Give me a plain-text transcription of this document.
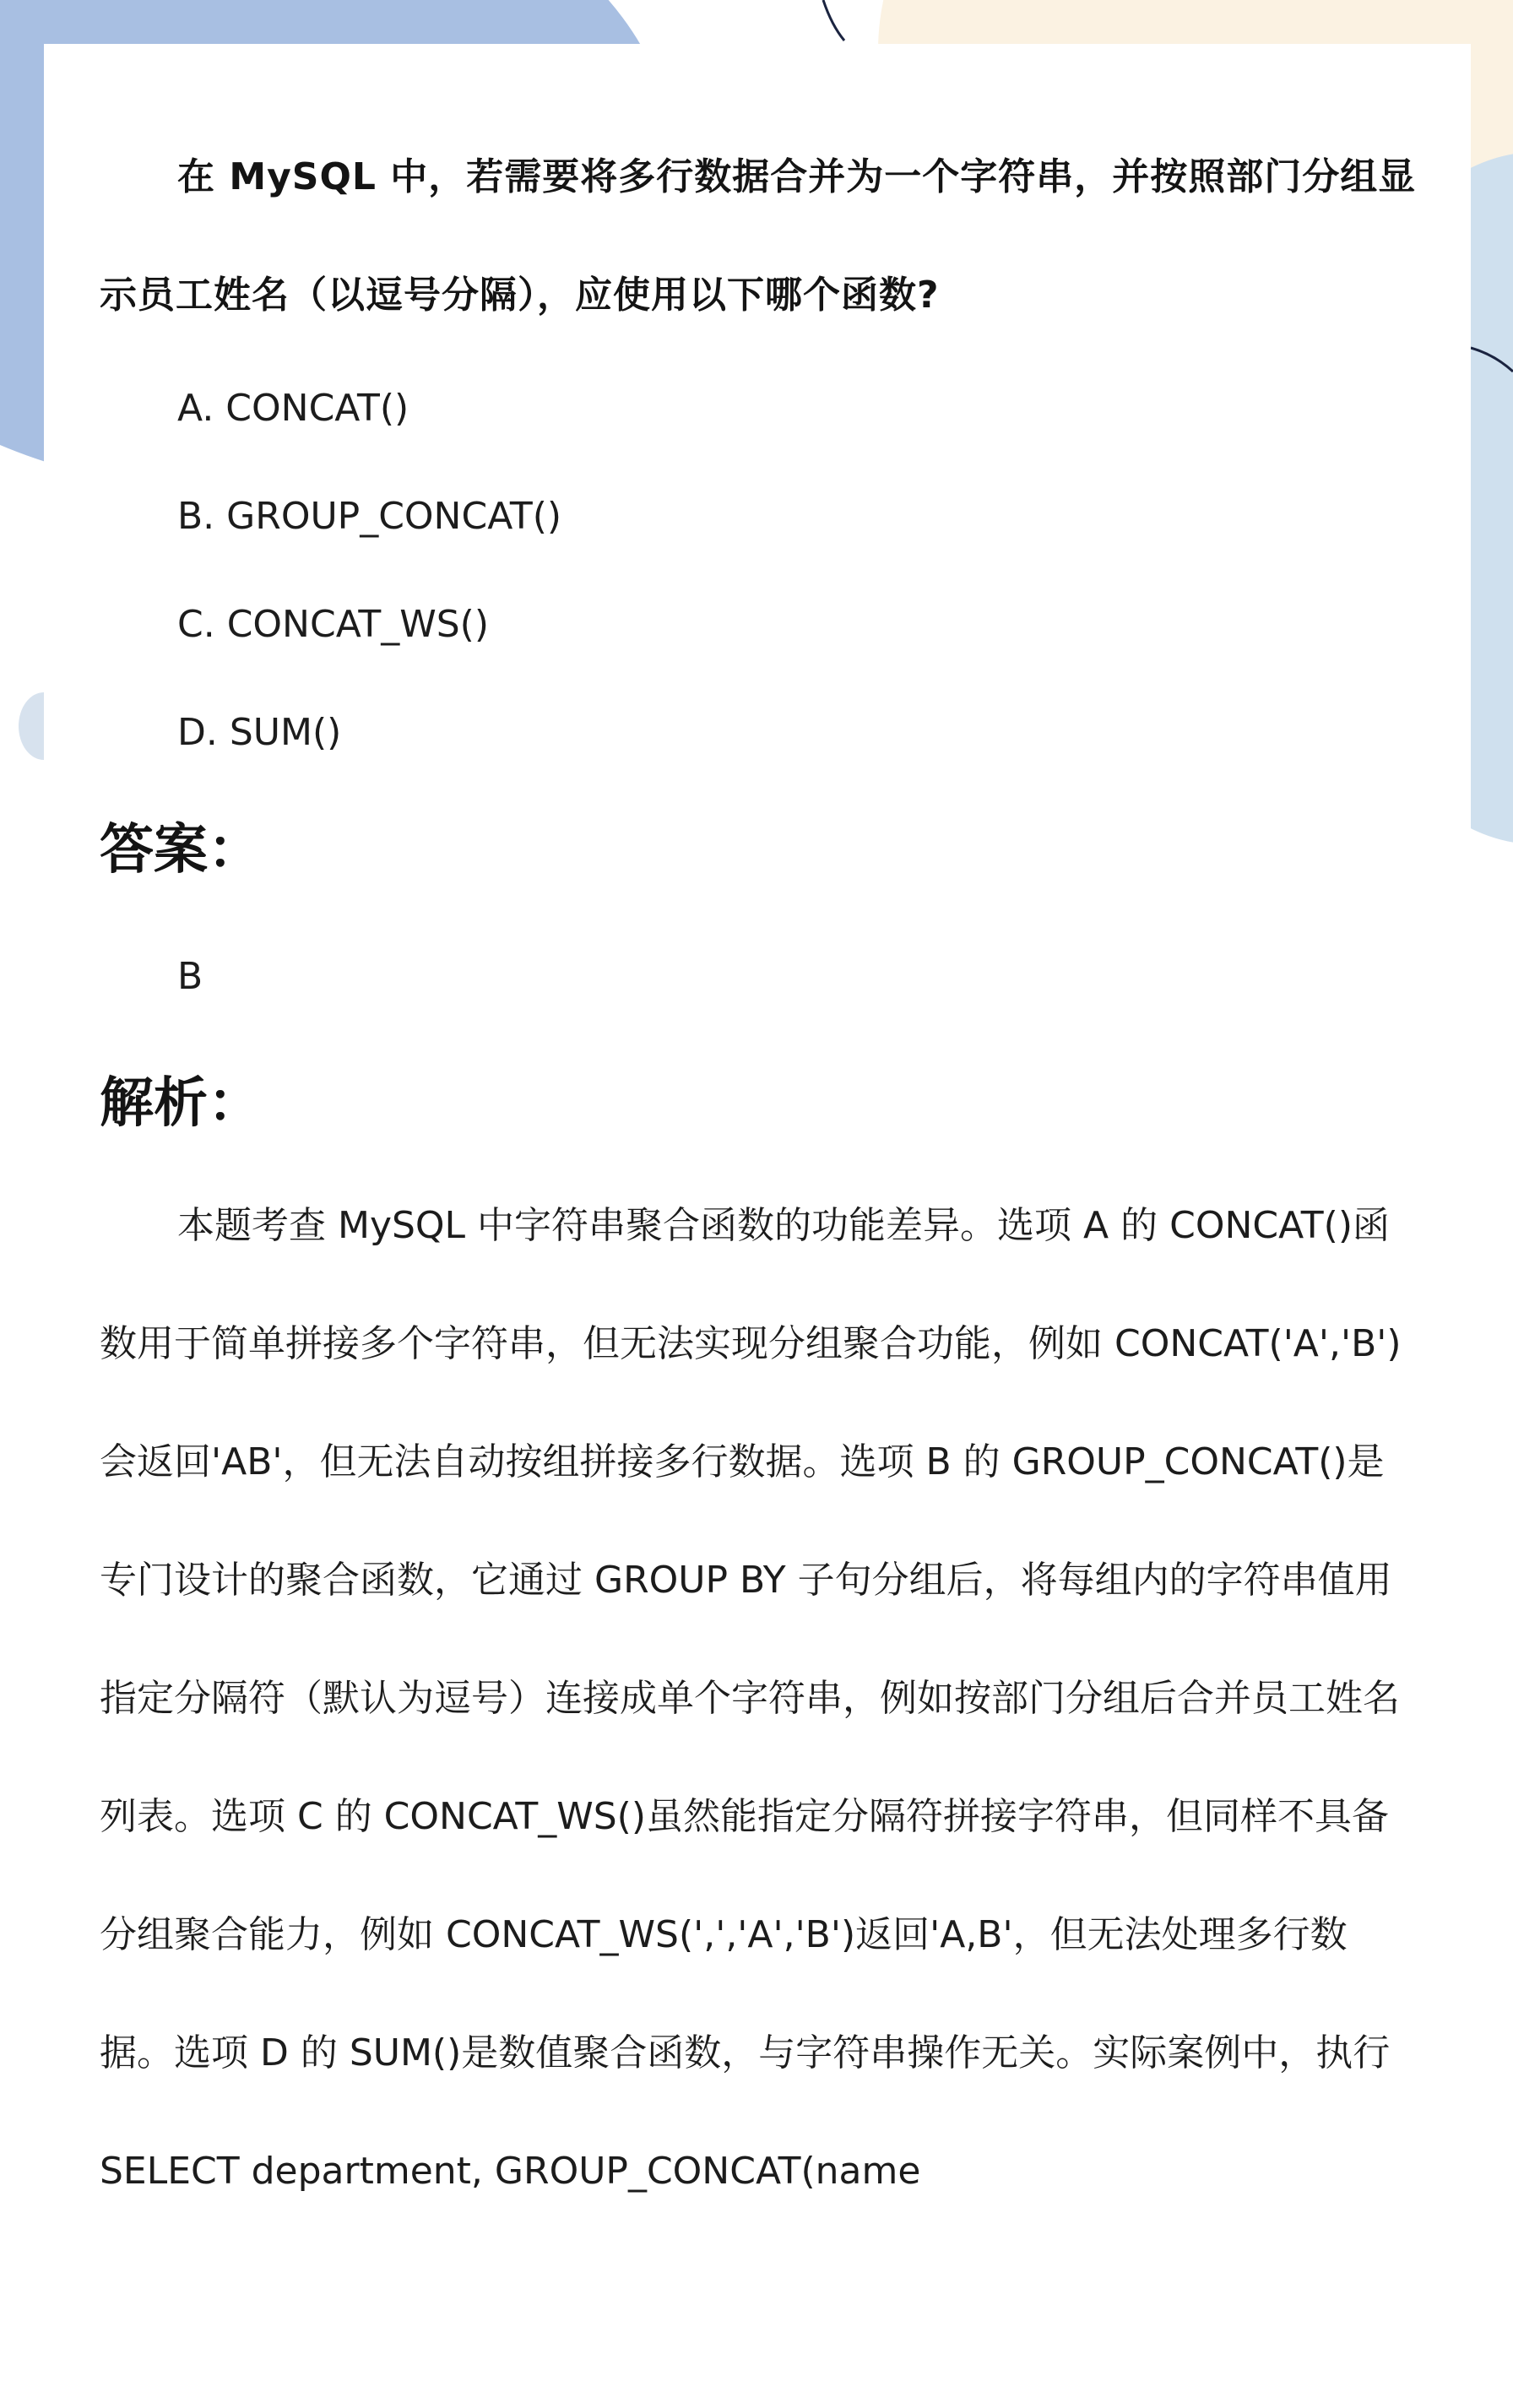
在 MySQL 中，若需要将多行数据合并为一个字符串，并按照部门分组显示员工姓名（以逗号分隔），应使用以下哪个函数?

A. CONCAT()
B. GROUP_CONCAT()
C. CONCAT_WS()
D. SUM()
答案：

B

解析：

本题考查 MySQL 中字符串聚合函数的功能差异。选项 A 的 CONCAT()函数用于简单拼接多个字符串，但无法实现分组聚合功能，例如 CONCAT('A','B')会返回'AB'，但无法自动按组拼接多行数据。选项 B 的 GROUP_CONCAT()是专门设计的聚合函数，它通过 GROUP BY 子句分组后，将每组内的字符串值用指定分隔符（默认为逗号）连接成单个字符串，例如按部门分组后合并员工姓名列表。选项 C 的 CONCAT_WS()虽然能指定分隔符拼接字符串，但同样不具备分组聚合能力，例如 CONCAT_WS(',','A','B')返回'A,B'，但无法处理多行数据。选项 D 的 SUM()是数值聚合函数，与字符串操作无关。实际案例中，执行 SELECT department, GROUP_CONCAT(name
